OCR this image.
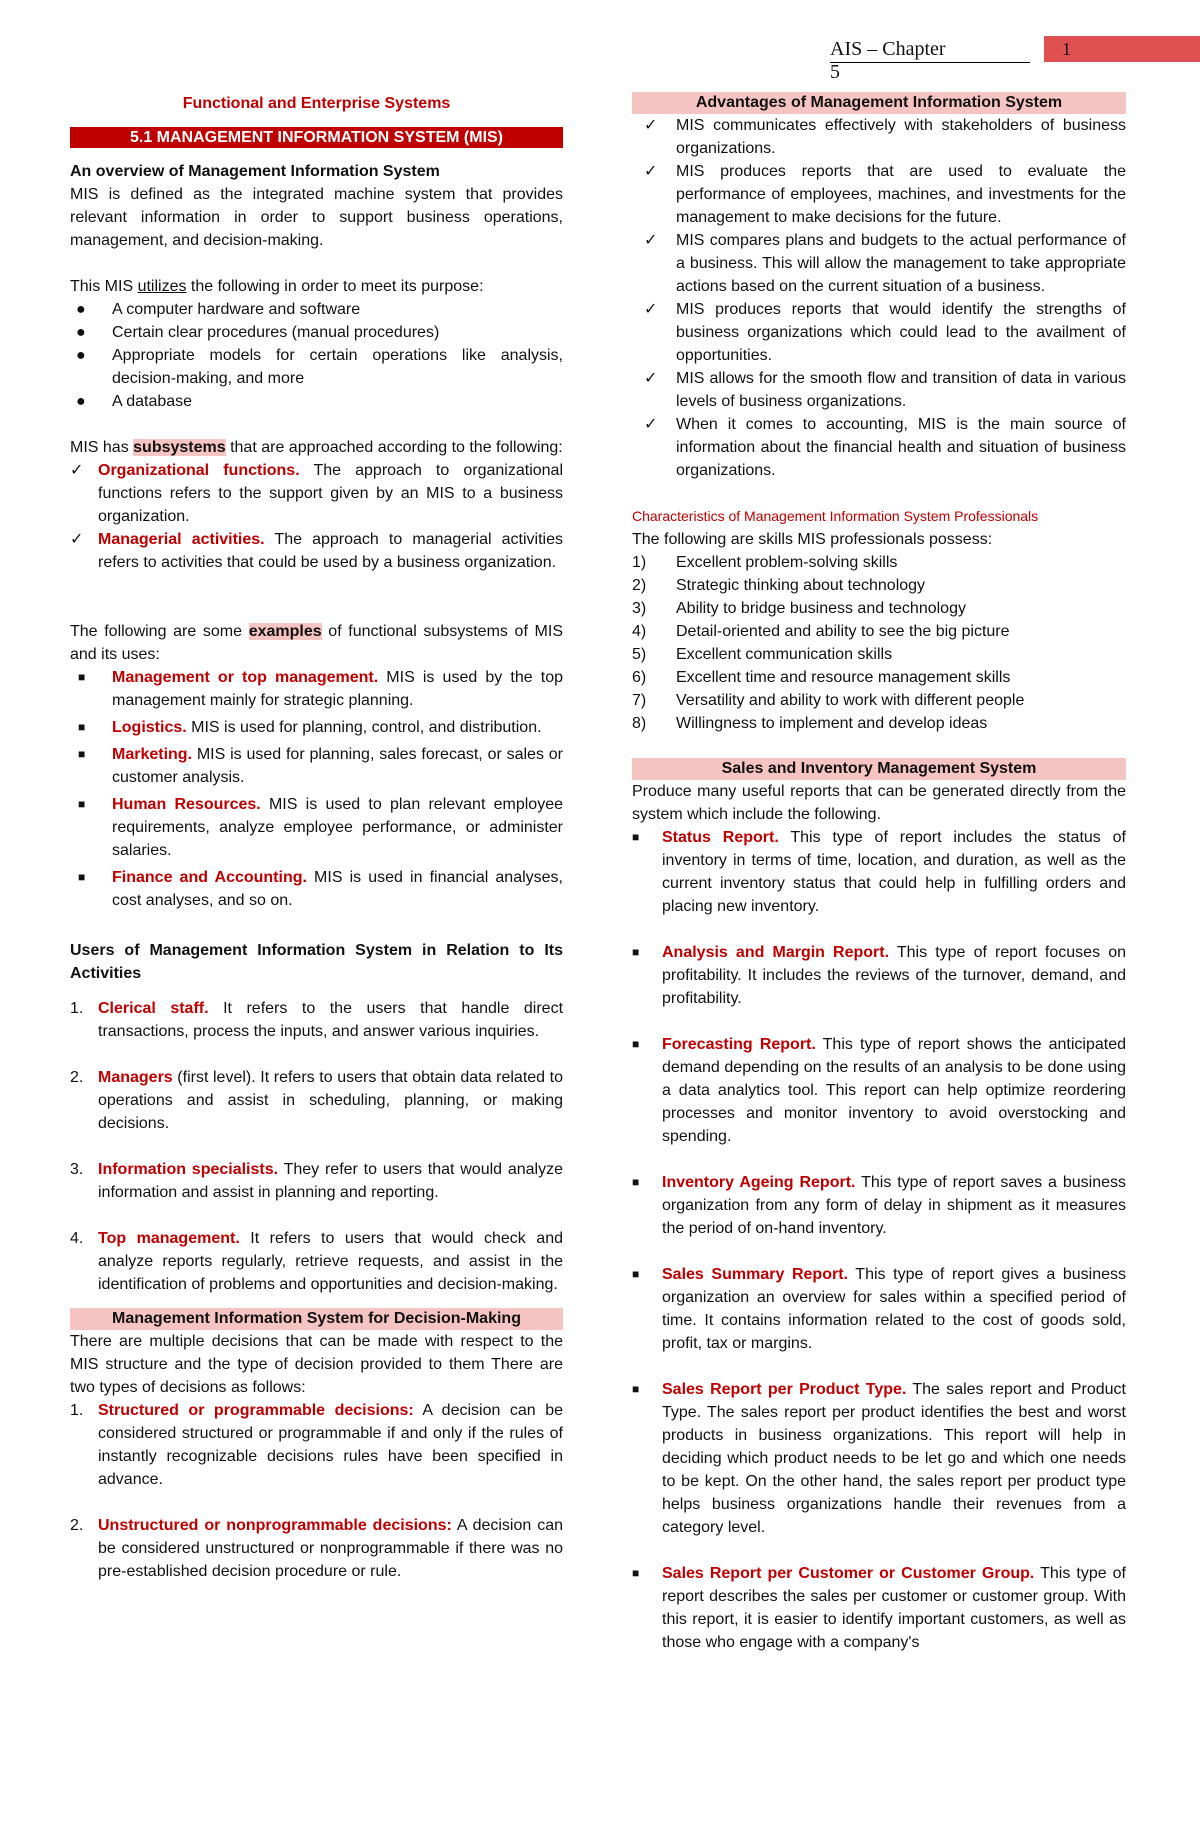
AIS – Chapter 5
1

Functional and Enterprise Systems

5.1 MANAGEMENT INFORMATION SYSTEM (MIS)

An overview of Management Information System

MIS is defined as the integrated machine system that provides relevant information in order to support business operations, management, and decision-making.

This MIS utilizes the following in order to meet its purpose:

● A computer hardware and software
● Certain clear procedures (manual procedures)
● Appropriate models for certain operations like analysis, decision-making, and more
● A database

MIS has subsystems that are approached according to the following:

✓ Organizational functions. The approach to organizational functions refers to the support given by an MIS to a business organization.
✓ Managerial activities. The approach to managerial activities refers to activities that could be used by a business organization.

The following are some examples of functional subsystems of MIS and its uses:

■ Management or top management. MIS is used by the top management mainly for strategic planning.
■ Logistics. MIS is used for planning, control, and distribution.
■ Marketing. MIS is used for planning, sales forecast, or sales or customer analysis.
■ Human Resources. MIS is used to plan relevant employee requirements, analyze employee performance, or administer salaries.
■ Finance and Accounting. MIS is used in financial analyses, cost analyses, and so on.

Users of Management Information System in Relation to Its Activities

1. Clerical staff. It refers to the users that handle direct transactions, process the inputs, and answer various inquiries.
2. Managers (first level). It refers to users that obtain data related to operations and assist in scheduling, planning, or making decisions.
3. Information specialists. They refer to users that would analyze information and assist in planning and reporting.
4. Top management. It refers to users that would check and analyze reports regularly, retrieve requests, and assist in the identification of problems and opportunities and decision-making.
Management Information System for Decision-Making

There are multiple decisions that can be made with respect to the MIS structure and the type of decision provided to them There are two types of decisions as follows:

1. Structured or programmable decisions: A decision can be considered structured or programmable if and only if the rules of instantly recognizable decisions rules have been specified in advance.
2. Unstructured or nonprogrammable decisions: A decision can be considered unstructured or nonprogrammable if there was no pre-established decision procedure or rule.
Advantages of Management Information System
✓ MIS communicates effectively with stakeholders of business organizations.
✓ MIS produces reports that are used to evaluate the performance of employees, machines, and investments for the management to make decisions for the future.
✓ MIS compares plans and budgets to the actual performance of a business. This will allow the management to take appropriate actions based on the current situation of a business.
✓ MIS produces reports that would identify the strengths of business organizations which could lead to the availment of opportunities.
✓ MIS allows for the smooth flow and transition of data in various levels of business organizations.
✓ When it comes to accounting, MIS is the main source of information about the financial health and situation of business organizations.

Characteristics of Management Information System Professionals

The following are skills MIS professionals possess:

1) Excellent problem-solving skills
2) Strategic thinking about technology
3) Ability to bridge business and technology
4) Detail-oriented and ability to see the big picture
5) Excellent communication skills
6) Excellent time and resource management skills
7) Versatility and ability to work with different people
8) Willingness to implement and develop ideas
Sales and Inventory Management System

Produce many useful reports that can be generated directly from the system which include the following.

■ Status Report. This type of report includes the status of inventory in terms of time, location, and duration, as well as the current inventory status that could help in fulfilling orders and placing new inventory.
■ Analysis and Margin Report. This type of report focuses on profitability. It includes the reviews of the turnover, demand, and profitability.
■ Forecasting Report. This type of report shows the anticipated demand depending on the results of an analysis to be done using a data analytics tool. This report can help optimize reordering processes and monitor inventory to avoid overstocking and spending.
■ Inventory Ageing Report. This type of report saves a business organization from any form of delay in shipment as it measures the period of on-hand inventory.
■ Sales Summary Report. This type of report gives a business organization an overview for sales within a specified period of time. It contains information related to the cost of goods sold, profit, tax or margins.
■ Sales Report per Product Type. The sales report and Product Type. The sales report per product identifies the best and worst products in business organizations. This report will help in deciding which product needs to be let go and which one needs to be kept. On the other hand, the sales report per product type helps business organizations handle their revenues from a category level.
■ Sales Report per Customer or Customer Group. This type of report describes the sales per customer or customer group. With this report, it is easier to identify important customers, as well as those who engage with a company's
